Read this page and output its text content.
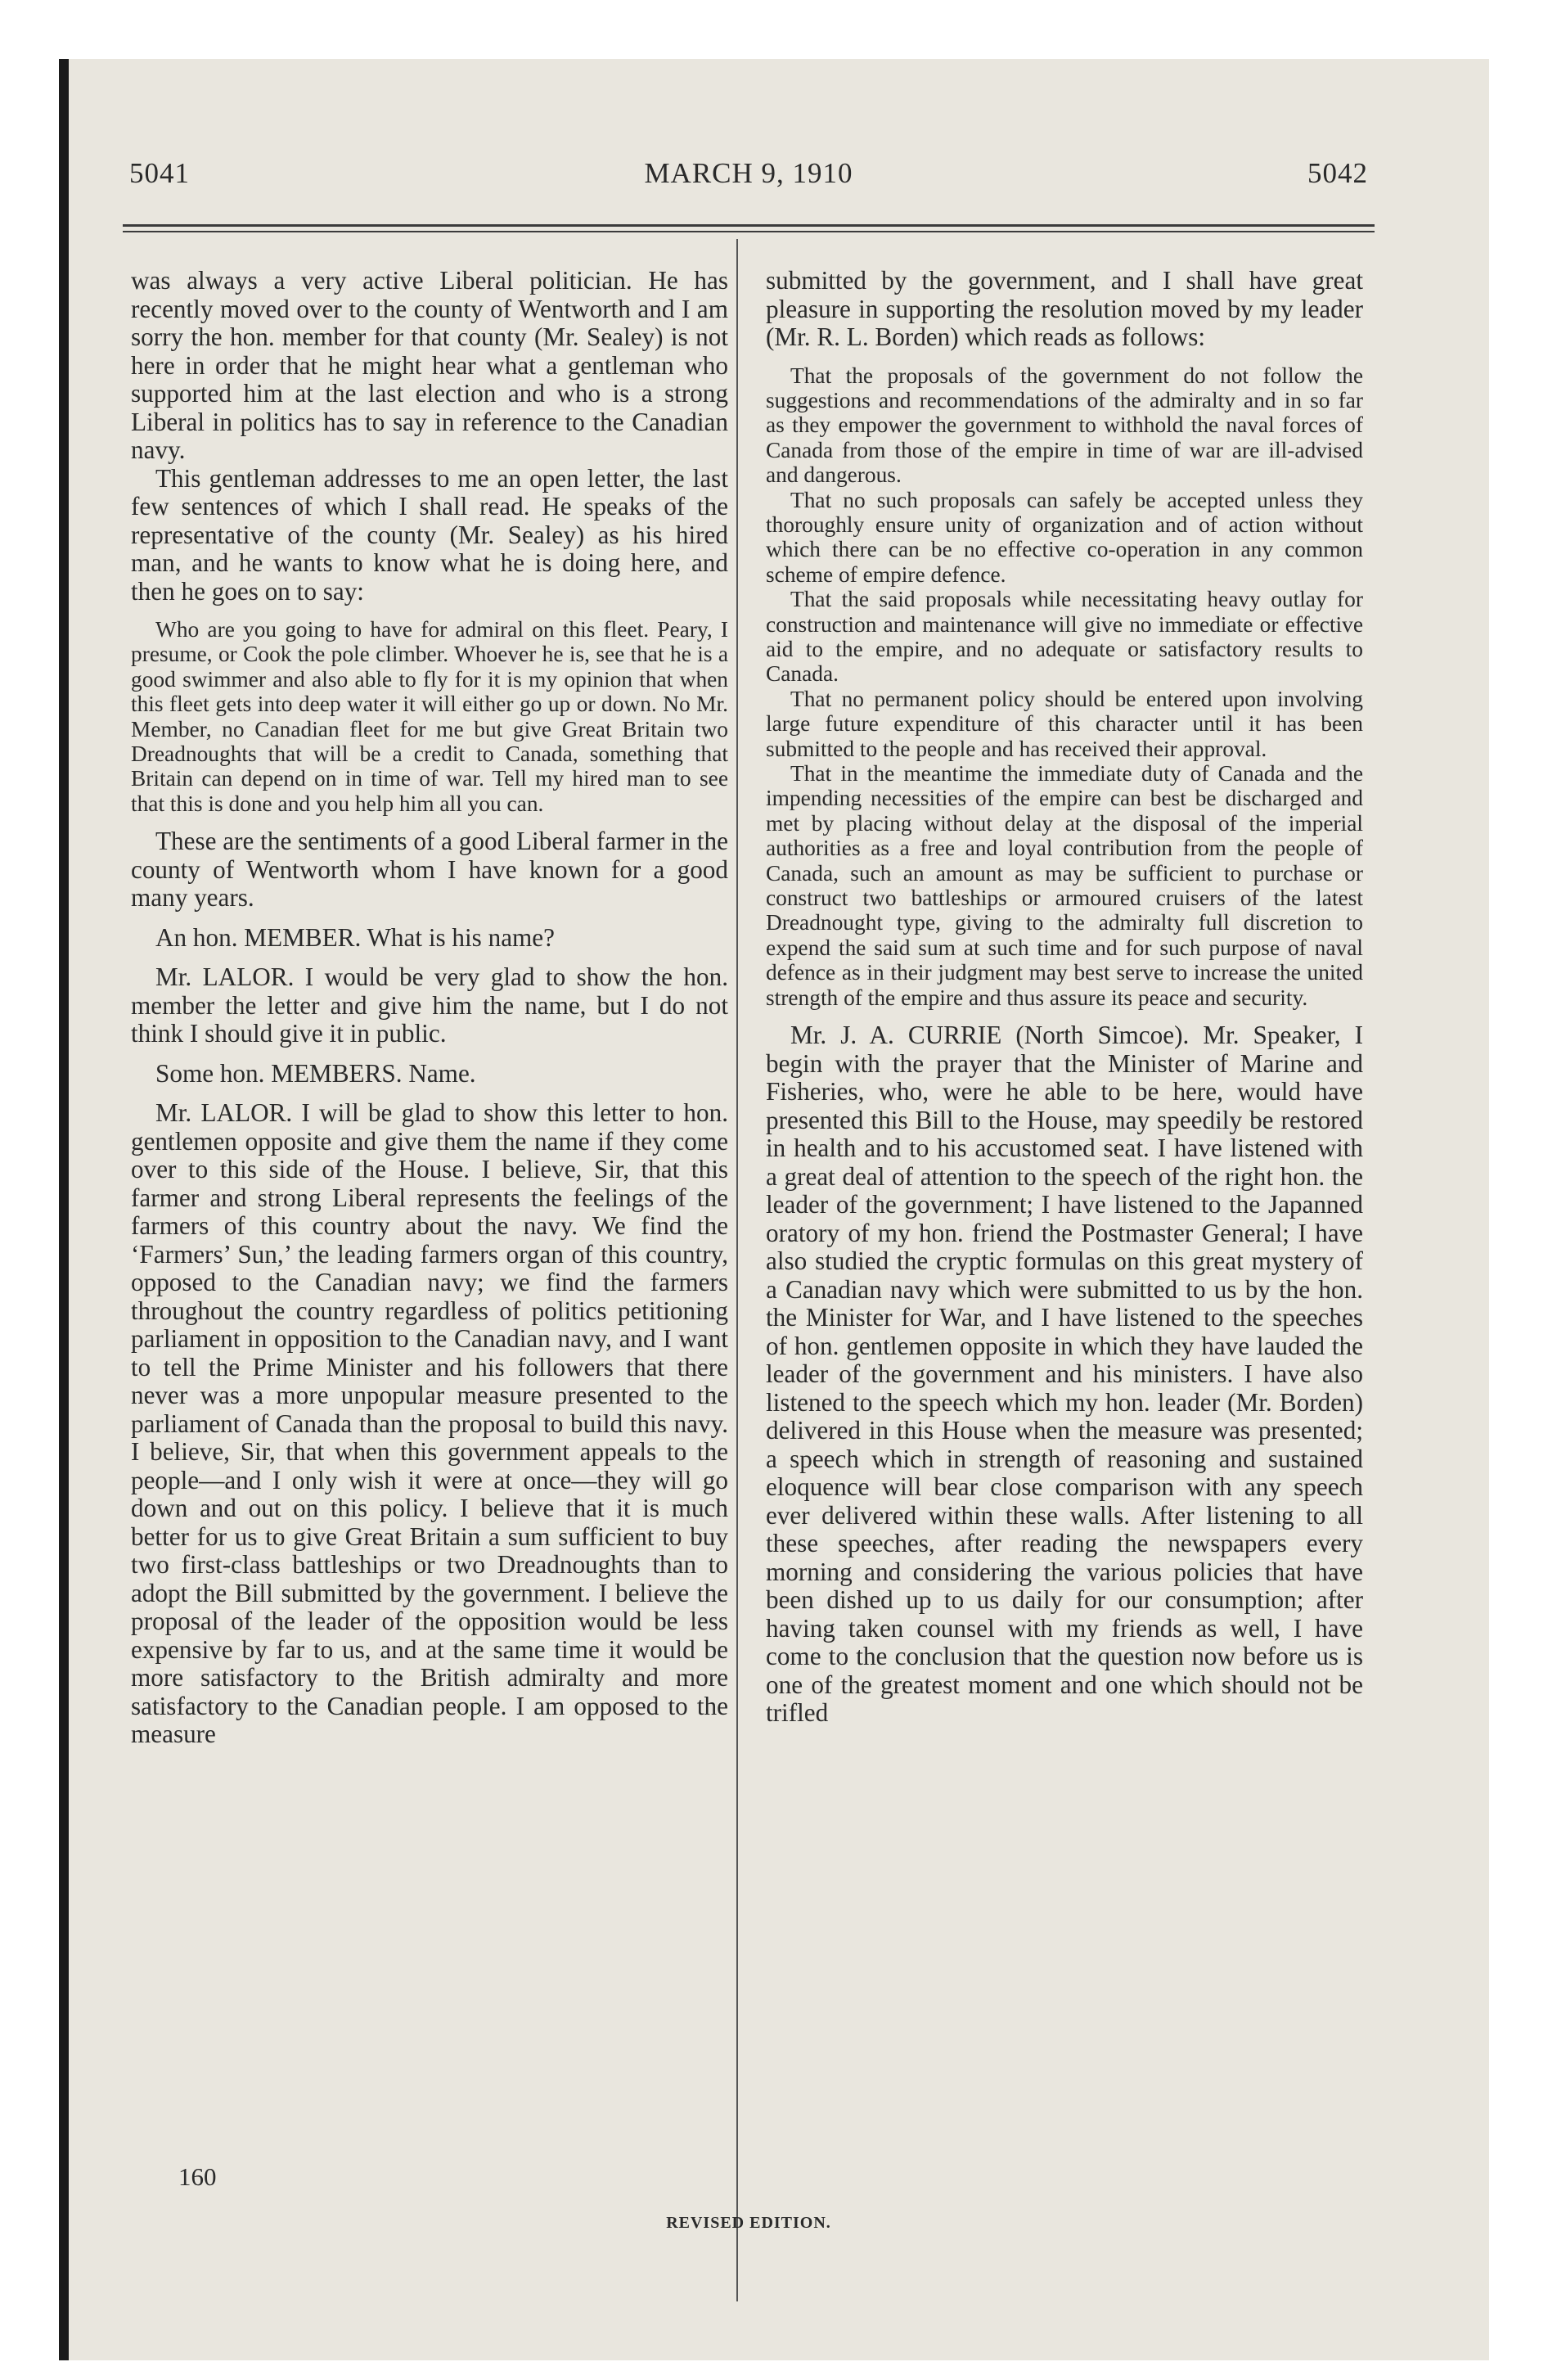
5041	MARCH 9, 1910	5042

was always a very active Liberal politician. He has recently moved over to the county of Wentworth and I am sorry the hon. member for that county (Mr. Sealey) is not here in order that he might hear what a gentleman who supported him at the last election and who is a strong Liberal in politics has to say in reference to the Canadian navy.

This gentleman addresses to me an open letter, the last few sentences of which I shall read. He speaks of the representative of the county (Mr. Sealey) as his hired man, and he wants to know what he is doing here, and then he goes on to say:

Who are you going to have for admiral on this fleet. Peary, I presume, or Cook the pole climber. Whoever he is, see that he is a good swimmer and also able to fly for it is my opinion that when this fleet gets into deep water it will either go up or down. No Mr. Member, no Canadian fleet for me but give Great Britain two Dreadnoughts that will be a credit to Canada, something that Britain can depend on in time of war. Tell my hired man to see that this is done and you help him all you can.

These are the sentiments of a good Liberal farmer in the county of Wentworth whom I have known for a good many years.

An hon. MEMBER. What is his name?

Mr. LALOR. I would be very glad to show the hon. member the letter and give him the name, but I do not think I should give it in public.

Some hon. MEMBERS. Name.

Mr. LALOR. I will be glad to show this letter to hon. gentlemen opposite and give them the name if they come over to this side of the House. I believe, Sir, that this farmer and strong Liberal represents the feelings of the farmers of this country about the navy. We find the ‘Farmers’ Sun,’ the leading farmers organ of this country, opposed to the Canadian navy; we find the farmers throughout the country regardless of politics petitioning parliament in opposition to the Canadian navy, and I want to tell the Prime Minister and his followers that there never was a more unpopular measure presented to the parliament of Canada than the proposal to build this navy. I believe, Sir, that when this government appeals to the people—and I only wish it were at once—they will go down and out on this policy. I believe that it is much better for us to give Great Britain a sum sufficient to buy two first-class battleships or two Dreadnoughts than to adopt the Bill submitted by the government. I believe the proposal of the leader of the opposition would be less expensive by far to us, and at the same time it would be more satisfactory to the British admiralty and more satisfactory to the Canadian people. I am opposed to the measure

submitted by the government, and I shall have great pleasure in supporting the resolution moved by my leader (Mr. R. L. Borden) which reads as follows:

That the proposals of the government do not follow the suggestions and recommendations of the admiralty and in so far as they empower the government to withhold the naval forces of Canada from those of the empire in time of war are ill-advised and dangerous.

That no such proposals can safely be accepted unless they thoroughly ensure unity of organization and of action without which there can be no effective co-operation in any common scheme of empire defence.

That the said proposals while necessitating heavy outlay for construction and maintenance will give no immediate or effective aid to the empire, and no adequate or satisfactory results to Canada.

That no permanent policy should be entered upon involving large future expenditure of this character until it has been submitted to the people and has received their approval.

That in the meantime the immediate duty of Canada and the impending necessities of the empire can best be discharged and met by placing without delay at the disposal of the imperial authorities as a free and loyal contribution from the people of Canada, such an amount as may be sufficient to purchase or construct two battleships or armoured cruisers of the latest Dreadnought type, giving to the admiralty full discretion to expend the said sum at such time and for such purpose of naval defence as in their judgment may best serve to increase the united strength of the empire and thus assure its peace and security.

Mr. J. A. CURRIE (North Simcoe). Mr. Speaker, I begin with the prayer that the Minister of Marine and Fisheries, who, were he able to be here, would have presented this Bill to the House, may speedily be restored in health and to his accustomed seat. I have listened with a great deal of attention to the speech of the right hon. the leader of the government; I have listened to the Japanned oratory of my hon. friend the Postmaster General; I have also studied the cryptic formulas on this great mystery of a Canadian navy which were submitted to us by the hon. the Minister for War, and I have listened to the speeches of hon. gentlemen opposite in which they have lauded the leader of the government and his ministers. I have also listened to the speech which my hon. leader (Mr. Borden) delivered in this House when the measure was presented; a speech which in strength of reasoning and sustained eloquence will bear close comparison with any speech ever delivered within these walls. After listening to all these speeches, after reading the newspapers every morning and considering the various policies that have been dished up to us daily for our consumption; after having taken counsel with my friends as well, I have come to the conclusion that the question now before us is one of the greatest moment and one which should not be trifled

160
REVISED EDITION.
